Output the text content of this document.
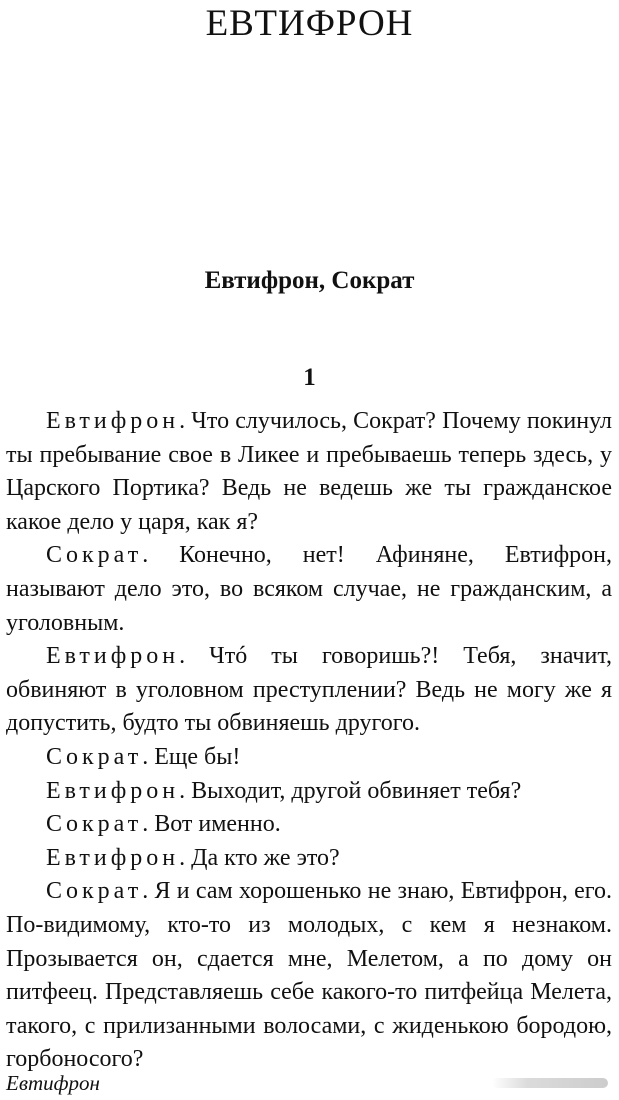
ЕВТИФРОН
Евтифрон, Сократ
1

Евтифрон. Что случилось, Сократ? Почему покинул ты пребывание свое в Ликее и пребываешь теперь здесь, у Царского Портика? Ведь не ведешь же ты гражданское какое дело у царя, как я?

Сократ. Конечно, нет! Афиняне, Евтифрон, называют дело это, во всяком случае, не гражданским, а уголовным.

Евтифрон. Чтó ты говоришь?! Тебя, значит, обвиняют в уголовном преступлении? Ведь не могу же я допустить, будто ты обвиняешь другого.

Сократ. Еще бы!

Евтифрон. Выходит, другой обвиняет тебя?

Сократ. Вот именно.

Евтифрон. Да кто же это?

Сократ. Я и сам хорошенько не знаю, Евтифрон, его. По-видимому, кто-то из молодых, с кем я незнаком. Прозывается он, сдается мне, Мелетом, а по дому он питфеец. Представляешь себе какого-то питфейца Мелета, такого, с прилизанными волосами, с жиденькою бородою, горбоносого?

Евтифрон
